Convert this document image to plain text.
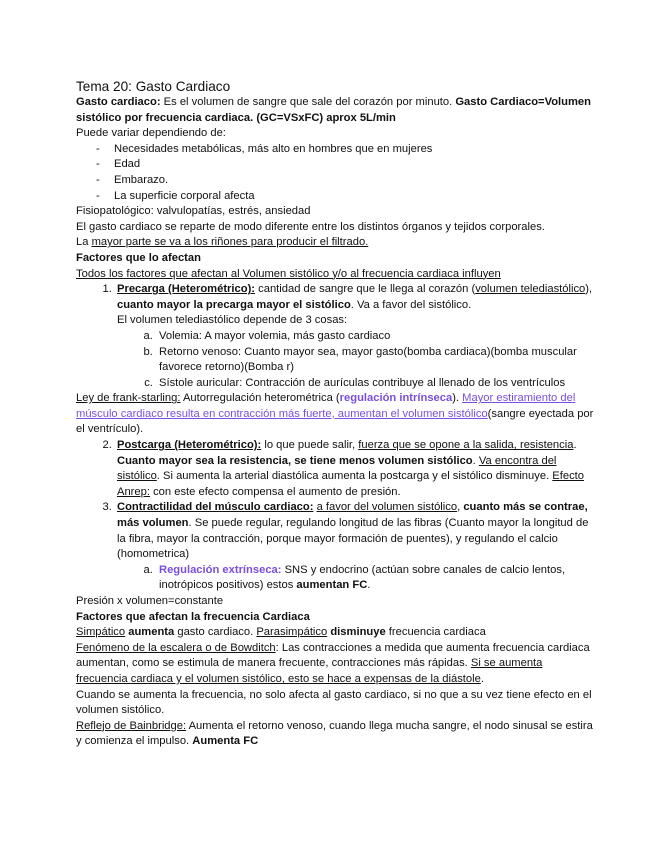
Tema 20: Gasto Cardiaco

Gasto cardiaco: Es el volumen de sangre que sale del corazón por minuto. Gasto Cardiaco=Volumen sistólico por frecuencia cardiaca. (GC=VSxFC) aprox 5L/min

Puede variar dependiendo de:

- Necesidades metabólicas, más alto en hombres que en mujeres
- Edad
- Embarazo.
- La superficie corporal afecta

Fisiopatológico: valvulopatías, estrés, ansiedad

El gasto cardiaco se reparte de modo diferente entre los distintos órganos y tejidos corporales.

La mayor parte se va a los riñones para producir el filtrado.

Factores que lo afectan

Todos los factores que afectan al Volumen sistólico y/o al frecuencia cardiaca influyen

1. Precarga (Heterométrico): cantidad de sangre que le llega al corazón (volumen telediastólico), cuanto mayor la precarga mayor el sistólico. Va a favor del sistólico.
El volumen telediastólico depende de 3 cosas:
a. Volemia: A mayor volemia, más gasto cardiaco
b. Retorno venoso: Cuanto mayor sea, mayor gasto(bomba cardiaca)(bomba muscular favorece retorno)(Bomba r)
c. Sístole auricular: Contracción de aurículas contribuye al llenado de los ventrículos

Ley de frank-starling: Autorregulación heterométrica (regulación intrínseca). Mayor estiramiento del músculo cardiaco resulta en contracción más fuerte, aumentan el volumen sistólico(sangre eyectada por el ventrículo).

2. Postcarga (Heterométrico): lo que puede salir, fuerza que se opone a la salida, resistencia. Cuanto mayor sea la resistencia, se tiene menos volumen sistólico. Va encontra del sistólico. Si aumenta la arterial diastólica aumenta la postcarga y el sistólico disminuye. Efecto Anrep: con este efecto compensa el aumento de presión.
3. Contractilidad del músculo cardiaco: a favor del volumen sistólico, cuanto más se contrae, más volumen. Se puede regular, regulando longitud de las fibras (Cuanto mayor la longitud de la fibra, mayor la contracción, porque mayor formación de puentes), y regulando el calcio (homometrica)
a. Regulación extrínseca: SNS y endocrino (actúan sobre canales de calcio lentos, inotrópicos positivos) estos aumentan FC.

Presión x volumen=constante

Factores que afectan la frecuencia Cardiaca

Simpático aumenta gasto cardiaco. Parasimpático disminuye frecuencia cardiaca

Fenómeno de la escalera o de Bowditch: Las contracciones a medida que aumenta frecuencia cardiaca aumentan, como se estimula de manera frecuente, contracciones más rápidas. Si se aumenta frecuencia cardiaca y el volumen sistólico, esto se hace a expensas de la diástole.

Cuando se aumenta la frecuencia, no solo afecta al gasto cardiaco, si no que a su vez tiene efecto en el volumen sistólico.

Reflejo de Bainbridge: Aumenta el retorno venoso, cuando llega mucha sangre, el nodo sinusal se estira y comienza el impulso. Aumenta FC
